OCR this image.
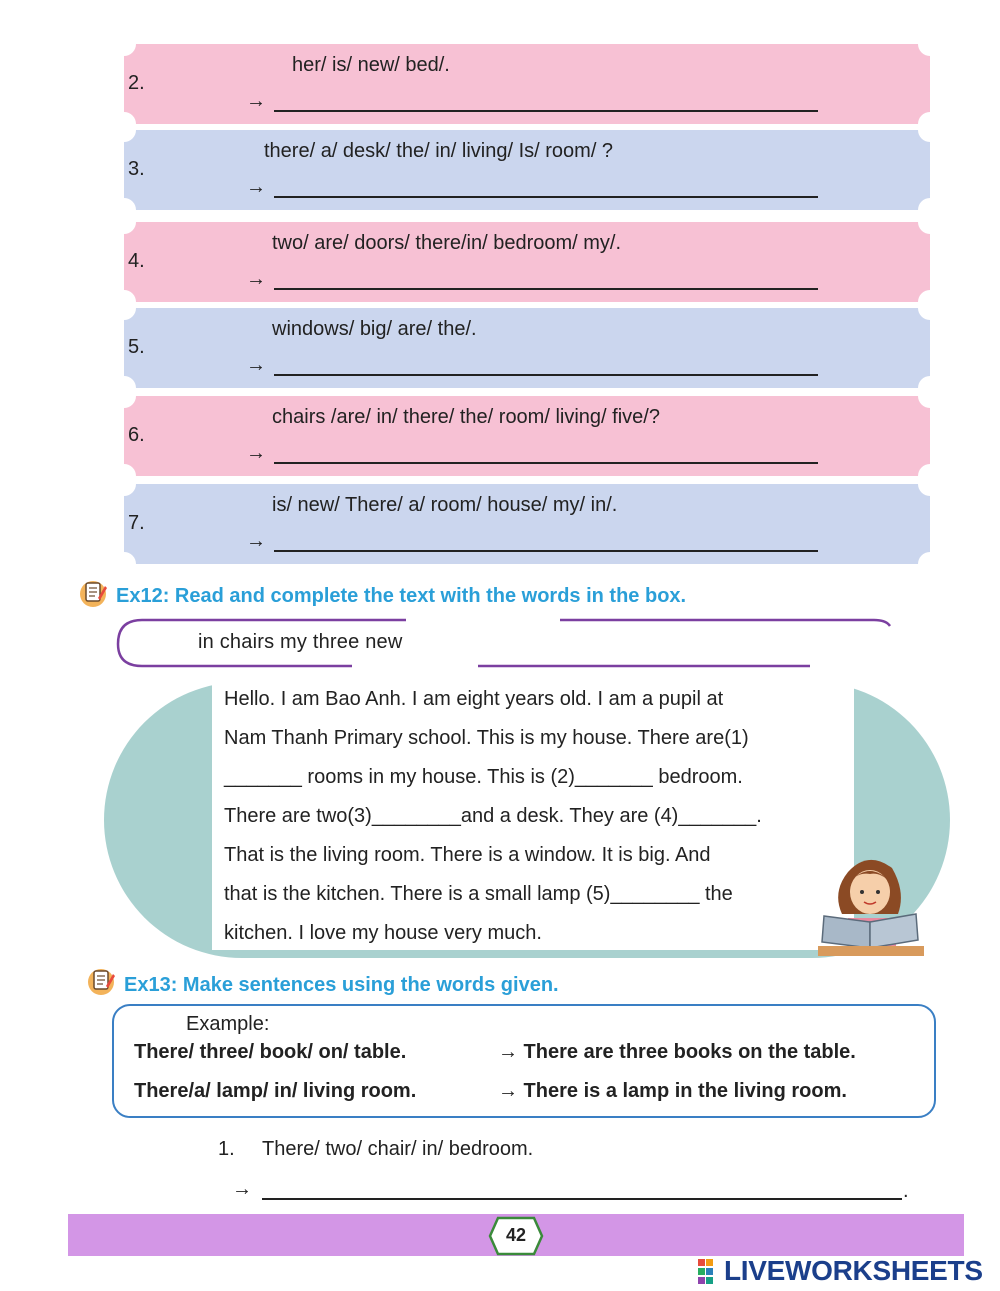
2.
her/ is/ new/ bed/.
→
3.
there/ a/ desk/ the/ in/ living/ Is/ room/ ?
→
4.
two/ are/ doors/ there/in/ bedroom/ my/.
→
5.
windows/ big/ are/ the/.
→
6.
chairs /are/ in/ there/ the/ room/ living/ five/?
→
7.
is/ new/ There/ a/ room/ house/ my/ in/.
→
Ex12: Read and complete the text with the words in the box.
in chairs my three new

Hello. I am Bao Anh. I am eight years old. I am a pupil at

Nam Thanh Primary school. This is my house. There are(1)

_______ rooms in my house. This is (2)_______ bedroom.

There are two(3)________and a desk. They are (4)_______.

That is the living room. There is a window. It is big. And

that is the kitchen. There is a small lamp (5)________ the

kitchen. I love my house very much.

Ex13: Make sentences using the words given.
Example:
There/ three/ book/ on/ table.	→ There are three books on the table.
There/a/ lamp/ in/ living room.	→ There is a lamp in the living room.
1. There/ two/ chair/ in/ bedroom.
→	.
42
LIVEWORKSHEETS
